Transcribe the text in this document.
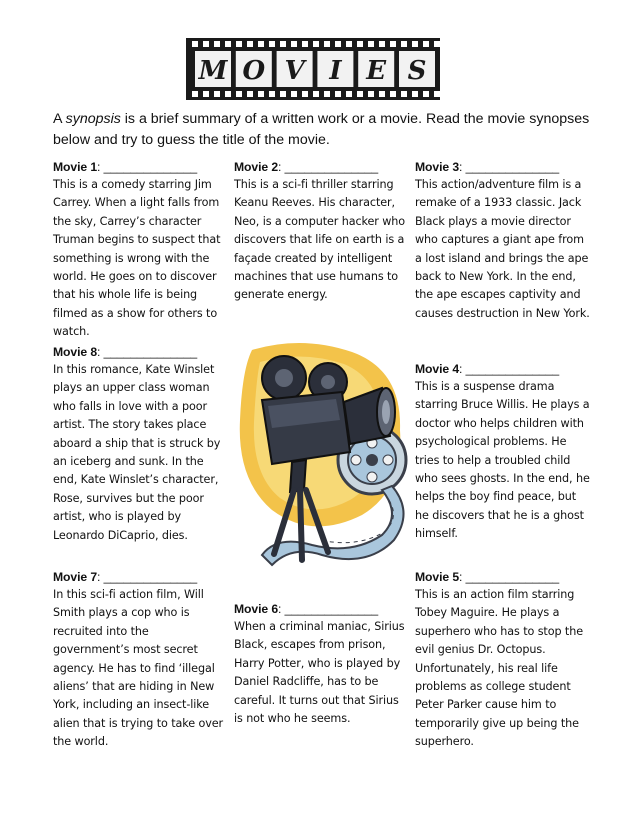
M O V I E S
A synopsis is a brief summary of a written work or a movie. Read the movie synopses below and try to guess the title of the movie.
Movie 1: ______________
This is a comedy starring Jim Carrey. When a light falls from the sky, Carrey’s character Truman begins to suspect that something is wrong with the world. He goes on to discover that his whole life is being filmed as a show for others to watch.
Movie 2: ______________
This is a sci-fi thriller starring Keanu Reeves. His character, Neo, is a computer hacker who discovers that life on earth is a façade created by intelligent machines that use humans to generate energy.
Movie 3: ______________
This action/adventure film is a remake of a 1933 classic. Jack Black plays a movie director who captures a giant ape from a lost island and brings the ape back to New York. In the end, the ape escapes captivity and causes destruction in New York.
Movie 8: ______________
In this romance, Kate Winslet plays an upper class woman who falls in love with a poor artist. The story takes place aboard a ship that is struck by an iceberg and sunk. In the end, Kate Winslet’s character, Rose, survives but the poor artist, who is played by Leonardo DiCaprio, dies.
Movie 4: ______________
This is a suspense drama starring Bruce Willis. He plays a doctor who helps children with psychological problems. He tries to help a troubled child who sees ghosts. In the end, he helps the boy find peace, but he discovers that he is a ghost himself.
Movie 7: ______________
In this sci-fi action film, Will Smith plays a cop who is recruited into the government’s most secret agency. He has to find ‘illegal aliens’ that are hiding in New York, including an insect-like alien that is trying to take over the world.
Movie 6: ______________
When a criminal maniac, Sirius Black, escapes from prison, Harry Potter, who is played by Daniel Radcliffe, has to be careful. It turns out that Sirius is not who he seems.
Movie 5: ______________
This is an action film starring Tobey Maguire. He plays a superhero who has to stop the evil genius Dr. Octopus. Unfortunately, his real life problems as college student Peter Parker cause him to temporarily give up being the superhero.
